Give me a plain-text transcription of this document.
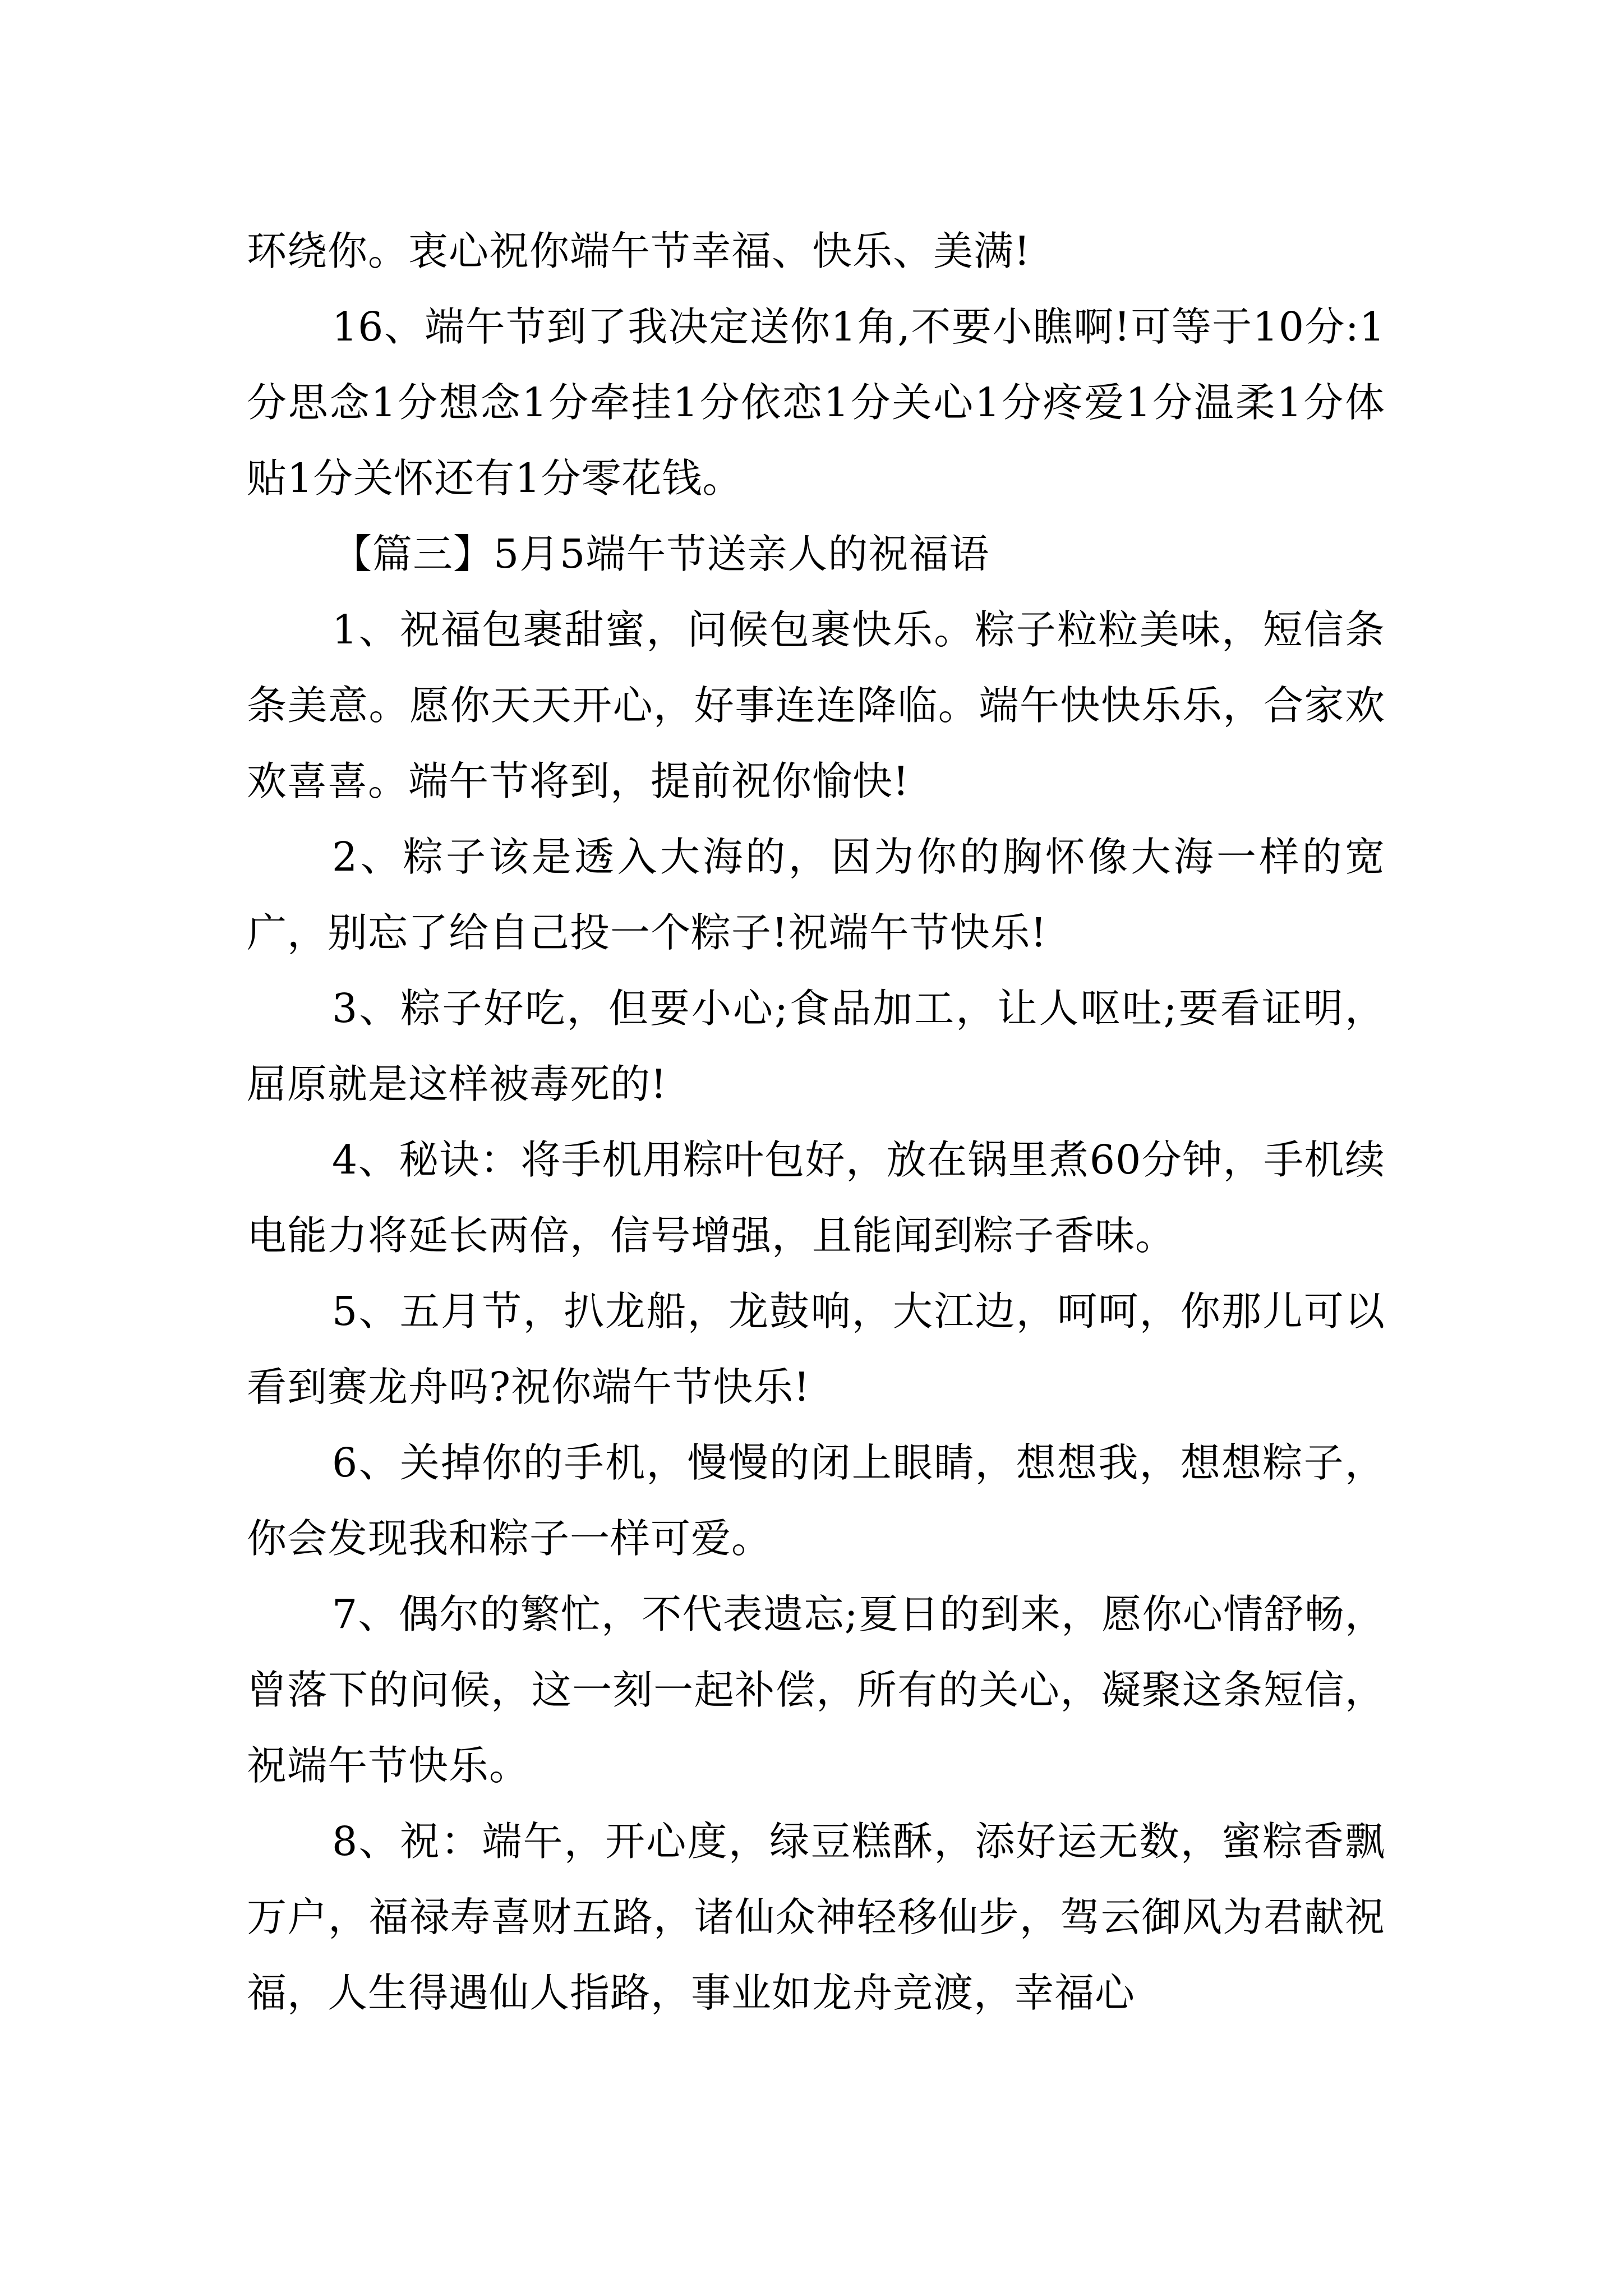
环绕你。衷心祝你端午节幸福、快乐、美满!

16、端午节到了我决定送你1角,不要小瞧啊!可等于10分:1分思念1分想念1分牵挂1分依恋1分关心1分疼爱1分温柔1分体贴1分关怀还有1分零花钱。

【篇三】5月5端午节送亲人的祝福语

1、祝福包裹甜蜜，问候包裹快乐。粽子粒粒美味，短信条条美意。愿你天天开心，好事连连降临。端午快快乐乐，合家欢欢喜喜。端午节将到，提前祝你愉快!

2、粽子该是透入大海的，因为你的胸怀像大海一样的宽广，别忘了给自己投一个粽子!祝端午节快乐!

3、粽子好吃，但要小心;食品加工，让人呕吐;要看证明，屈原就是这样被毒死的!

4、秘诀：将手机用粽叶包好，放在锅里煮60分钟，手机续电能力将延长两倍，信号增强，且能闻到粽子香味。

5、五月节，扒龙船，龙鼓响，大江边，呵呵，你那儿可以看到赛龙舟吗?祝你端午节快乐!

6、关掉你的手机，慢慢的闭上眼睛，想想我，想想粽子，你会发现我和粽子一样可爱。

7、偶尔的繁忙，不代表遗忘;夏日的到来，愿你心情舒畅，曾落下的问候，这一刻一起补偿，所有的关心，凝聚这条短信，祝端午节快乐。

8、祝：端午，开心度，绿豆糕酥，添好运无数，蜜粽香飘万户，福禄寿喜财五路，诸仙众神轻移仙步，驾云御风为君献祝福，人生得遇仙人指路，事业如龙舟竞渡，幸福心
